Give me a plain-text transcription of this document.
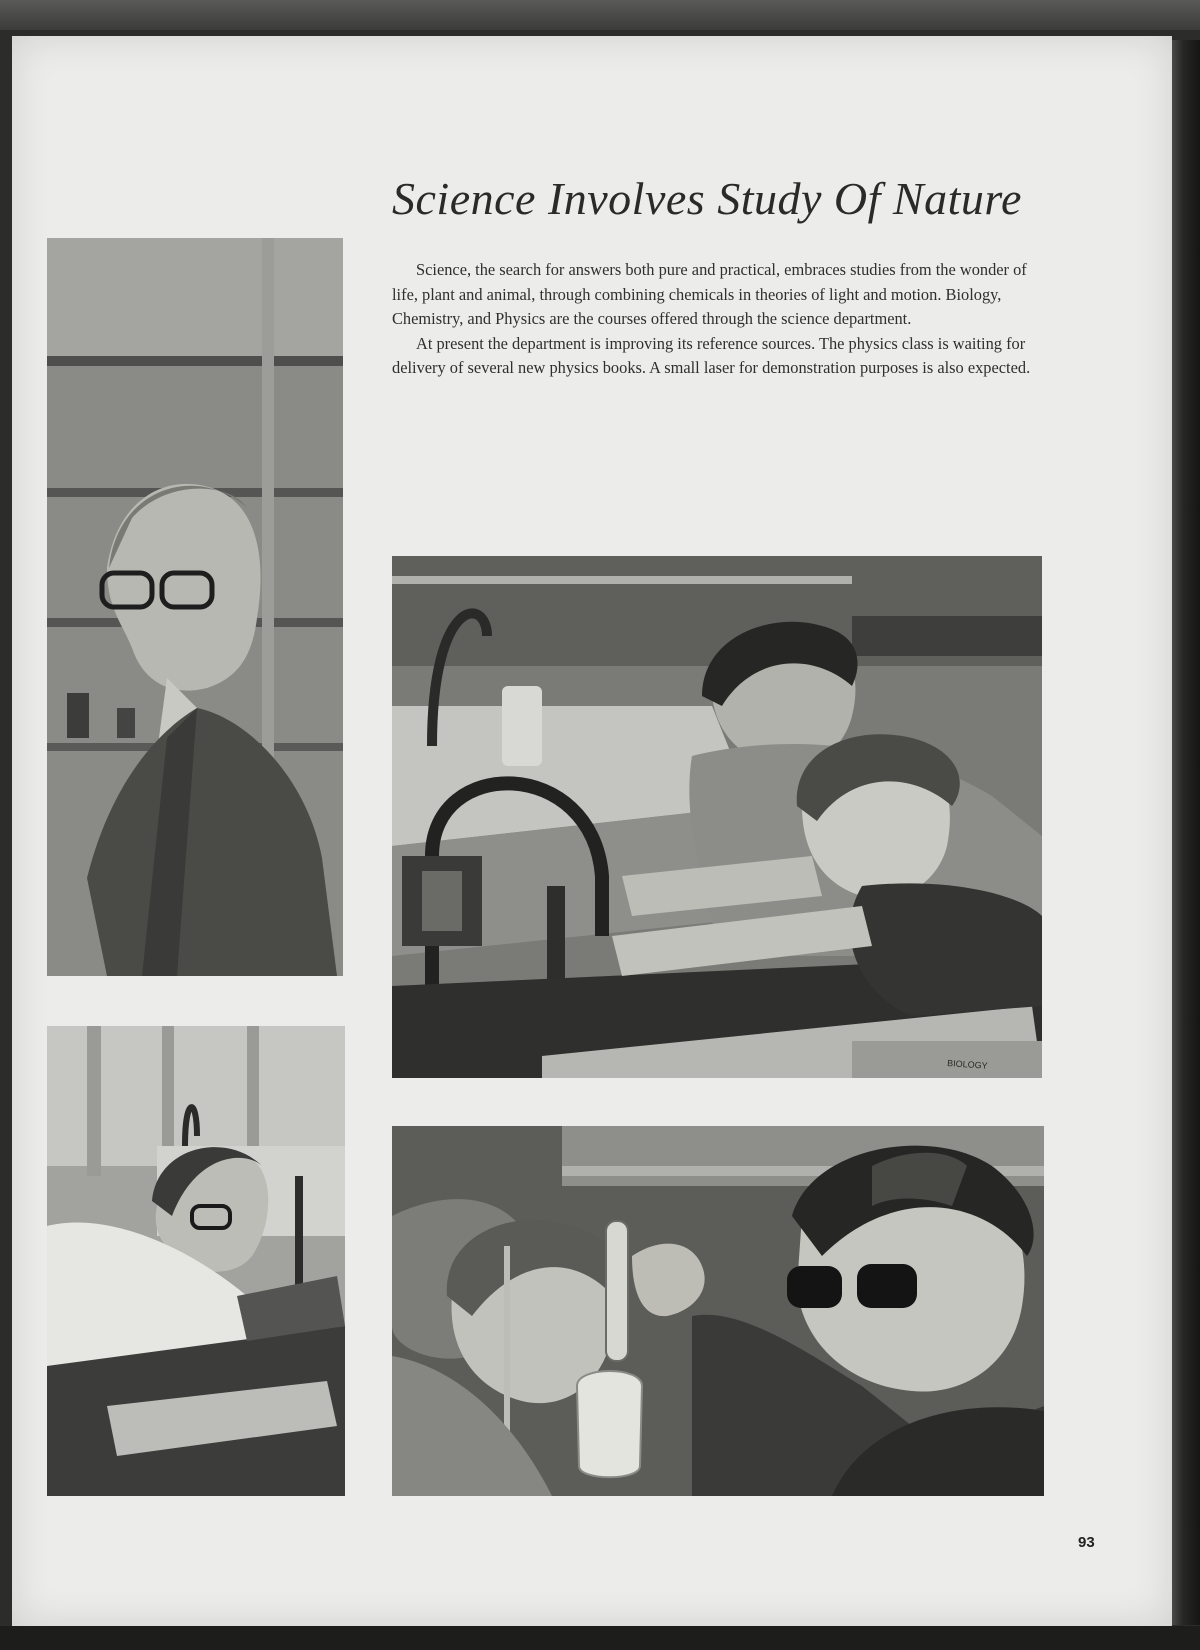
Science Involves Study Of Nature

Science, the search for answers both pure and practical, embraces studies from the wonder of life, plant and animal, through combining chemicals in theories of light and motion. Biology, Chemistry, and Physics are the courses offered through the science department.

At present the department is improving its reference sources. The physics class is waiting for delivery of several new physics books. A small laser for demonstration purposes is also expected.

BIOLOGY
93
